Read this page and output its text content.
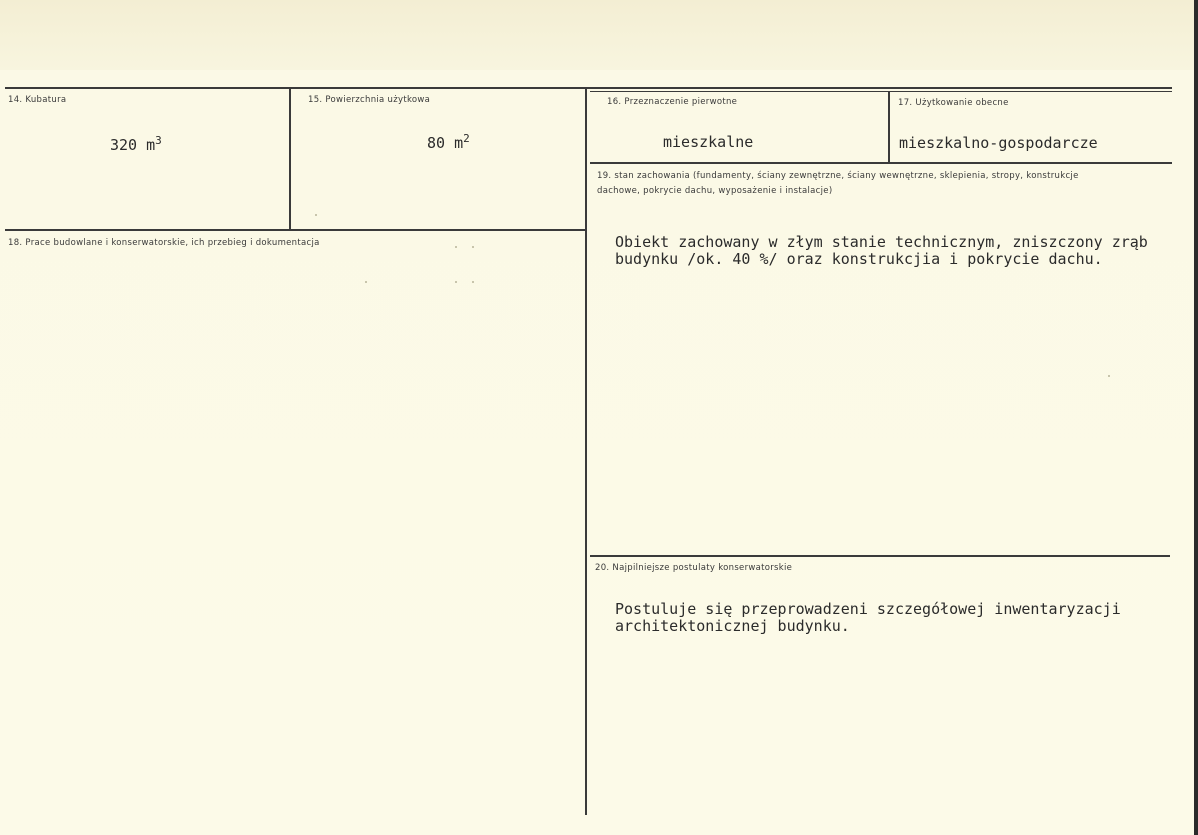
14. Kubatura
320 $m^3$
15. Powierzchnia użytkowa
80 $m^2$
16. Przeznaczenie pierwotne
mieszkalne
17. Użytkowanie obecne
mieszkalno-gospodarcze
18. Prace budowlane i konserwatorskie, ich przebieg i dokumentacja
19. stan zachowania (fundamenty, ściany zewnętrzne, ściany wewnętrzne, sklepienia, stropy, konstrukcje dachowe, pokrycie dachu, wyposażenie i instalacje)
Obiekt zachowany w złym stanie technicznym, zniszczony zrąb budynku /ok. 40 %/ oraz konstrukcjia i pokrycie dachu.
20. Najpilniejsze postulaty konserwatorskie
Postuluje się przeprowadzeni szczegółowej inwentaryzacji architektonicznej budynku.
